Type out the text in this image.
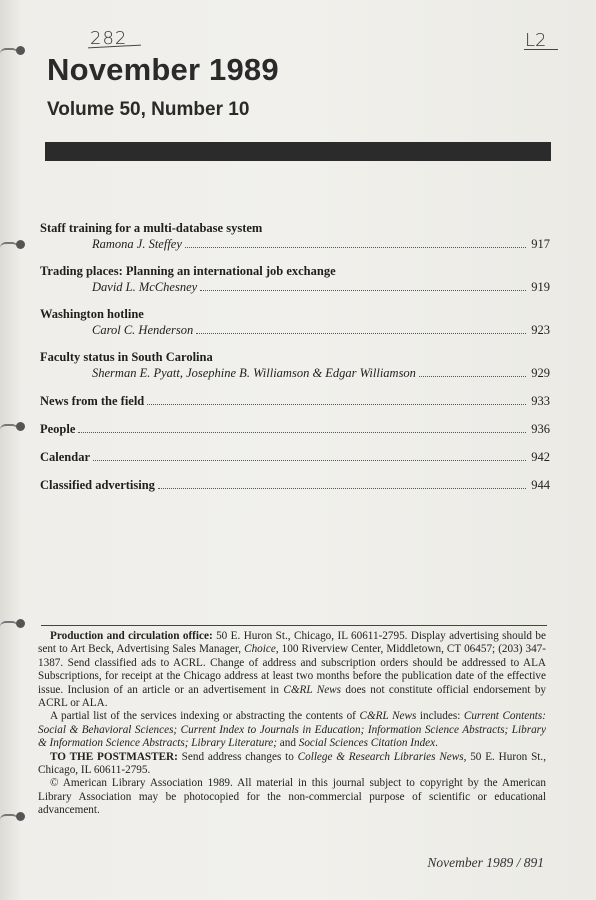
282	L2
November 1989
Volume 50, Number 10
Staff training for a multi-database system
Ramona J. Steffey	917
Trading places: Planning an international job exchange
David L. McChesney	919
Washington hotline
Carol C. Henderson	923
Faculty status in South Carolina
Sherman E. Pyatt, Josephine B. Williamson & Edgar Williamson	929
News from the field	933
People	936
Calendar	942
Classified advertising	944

Production and circulation office: 50 E. Huron St., Chicago, IL 60611-2795. Display advertising should be sent to Art Beck, Advertising Sales Manager, Choice, 100 Riverview Center, Middletown, CT 06457; (203) 347-1387. Send classified ads to ACRL. Change of address and subscription orders should be addressed to ALA Subscriptions, for receipt at the Chicago address at least two months before the publication date of the effective issue. Inclusion of an article or an advertisement in C&RL News does not constitute official endorsement by ACRL or ALA.

A partial list of the services indexing or abstracting the contents of C&RL News includes: Current Contents: Social & Behavioral Sciences; Current Index to Journals in Education; Information Science Abstracts; Library & Information Science Abstracts; Library Literature; and Social Sciences Citation Index.

TO THE POSTMASTER: Send address changes to College & Research Libraries News, 50 E. Huron St., Chicago, IL 60611-2795.

© American Library Association 1989. All material in this journal subject to copyright by the American Library Association may be photocopied for the non-commercial purpose of scientific or educational advancement.

November 1989 / 891
